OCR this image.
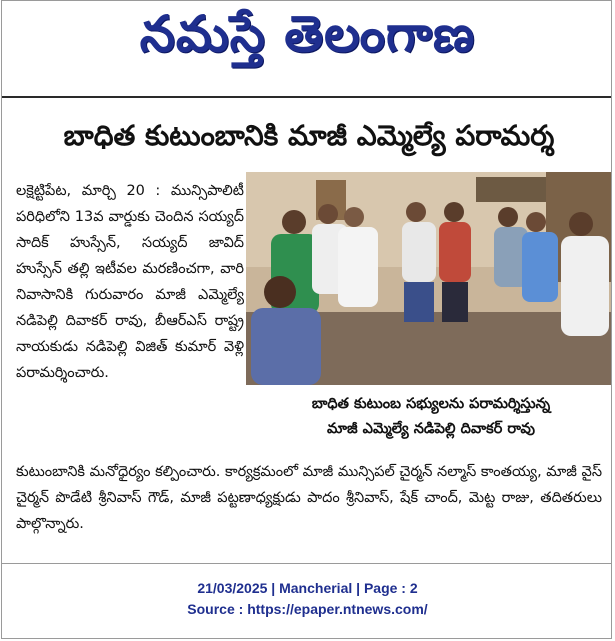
నమస్తే తెలంగాణ
బాధిత కుటుంబానికి మాజీ ఎమ్మెల్యే పరామర్శ
లక్షెట్టిపేట, మార్చి 20 : మున్సిపాలిటీ పరిధిలోని 13వ వార్డుకు చెందిన సయ్యద్ సాదిక్ హుస్సేన్, సయ్యద్ జావిద్ హుస్సేన్ తల్లి ఇటీవల మరణించగా, వారి నివాసానికి గురువారం మాజీ ఎమ్మెల్యే నడిపెల్లి దివాకర్ రావు, బీఆర్ఎస్ రాష్ట్ర నాయకుడు నడిపెల్లి విజిత్ కుమార్ వెళ్లి పరామర్శించారు.
బాధిత కుటుంబ సభ్యులను పరామర్శిస్తున్న
మాజీ ఎమ్మెల్యే నడిపెల్లి దివాకర్ రావు
కుటుంబానికి మనోధైర్యం కల్పించారు. కార్యక్రమంలో మాజీ మున్సిపల్ చైర్మన్ నల్మాస్ కాంతయ్య, మాజీ వైస్ చైర్మన్ పొడేటి శ్రీనివాస్ గౌడ్, మాజీ పట్టణాధ్యక్షుడు పాదం శ్రీనివాస్, షేక్ చాంద్, మెట్ట రాజు, తదితరులు పాల్గొన్నారు.
21/03/2025 | Mancherial | Page : 2
Source : https://epaper.ntnews.com/
